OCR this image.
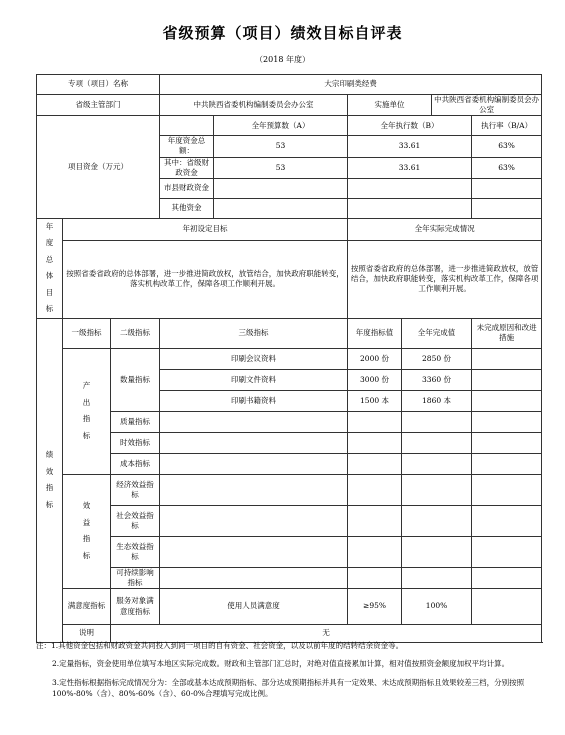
省级预算（项目）绩效目标自评表
（2018 年度）
专项（项目）名称			大宗印刷类经费					
省级主管部门			中共陕西省委机构编制委员会办公室		实施单位		中共陕西省委机构编制委员会办公室	
项目资金（万元）				全年预算数（A）	全年执行数（B）			执行率（B/A）
			年度资金总额：	53	33.61			63%
			其中：省级财政资金	53	33.61			63%
			市县财政资金					
			其他资金					
年度总体目标	年初设定目标				全年实际完成情况			
	按照省委省政府的总体部署，进一步推进简政放权，放管结合，加快政府职能转变，落实机构改革工作，保障各项工作顺利开展。				按照省委省政府的总体部署，进一步推进简政放权，放管结合，加快政府职能转变，落实机构改革工作，保障各项工作顺利开展。			
绩效指标	一级指标	二级指标	三级指标		年度指标值	全年完成值		未完成原因和改进措施
	产出指标	数量指标	印刷会议资料		2000 份	2850 份		
			印刷文件资料		3000 份	3360 份		
			印刷书籍资料		1500 本	1860 本		
		质量指标						
		时效指标						
		成本指标						
	效益指标	经济效益指标						
		社会效益指标						
		生态效益指标						
		可持续影响指标						
	满意度指标	服务对象满意度指标	使用人员满意度		≥95%	100%		
	说明	无						

注：1.其他资金包括和财政资金共同投入到同一项目的自有资金、社会资金，以及以前年度的结转结余资金等。

2.定量指标，资金使用单位填写本地区实际完成数。财政和主管部门汇总时，对绝对值直接累加计算，相对值按照资金额度加权平均计算。

3.定性指标根据指标完成情况分为：全部或基本达成预期指标、部分达成预期指标并具有一定效果、未达成预期指标且效果较差三档，分别按照 100%-80%（含）、80%-60%（含）、60-0%合理填写完成比例。
